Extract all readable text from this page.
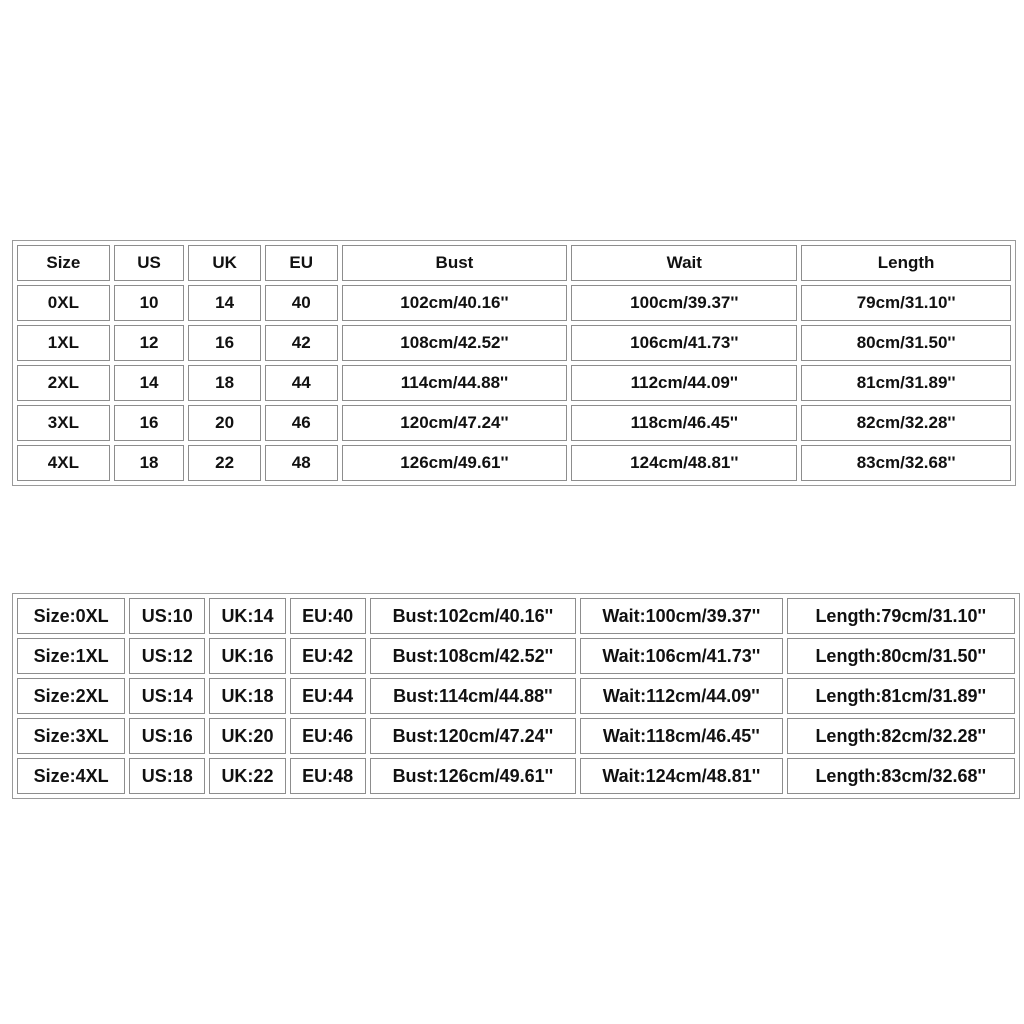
Size	US	UK	EU	Bust	Wait	Length
0XL	10	14	40	102cm/40.16''	100cm/39.37''	79cm/31.10''
1XL	12	16	42	108cm/42.52''	106cm/41.73''	80cm/31.50''
2XL	14	18	44	114cm/44.88''	112cm/44.09''	81cm/31.89''
3XL	16	20	46	120cm/47.24''	118cm/46.45''	82cm/32.28''
4XL	18	22	48	126cm/49.61''	124cm/48.81''	83cm/32.68''
Size:0XL	US:10	UK:14	EU:40	Bust:102cm/40.16''	Wait:100cm/39.37''	Length:79cm/31.10''
Size:1XL	US:12	UK:16	EU:42	Bust:108cm/42.52''	Wait:106cm/41.73''	Length:80cm/31.50''
Size:2XL	US:14	UK:18	EU:44	Bust:114cm/44.88''	Wait:112cm/44.09''	Length:81cm/31.89''
Size:3XL	US:16	UK:20	EU:46	Bust:120cm/47.24''	Wait:118cm/46.45''	Length:82cm/32.28''
Size:4XL	US:18	UK:22	EU:48	Bust:126cm/49.61''	Wait:124cm/48.81''	Length:83cm/32.68''
